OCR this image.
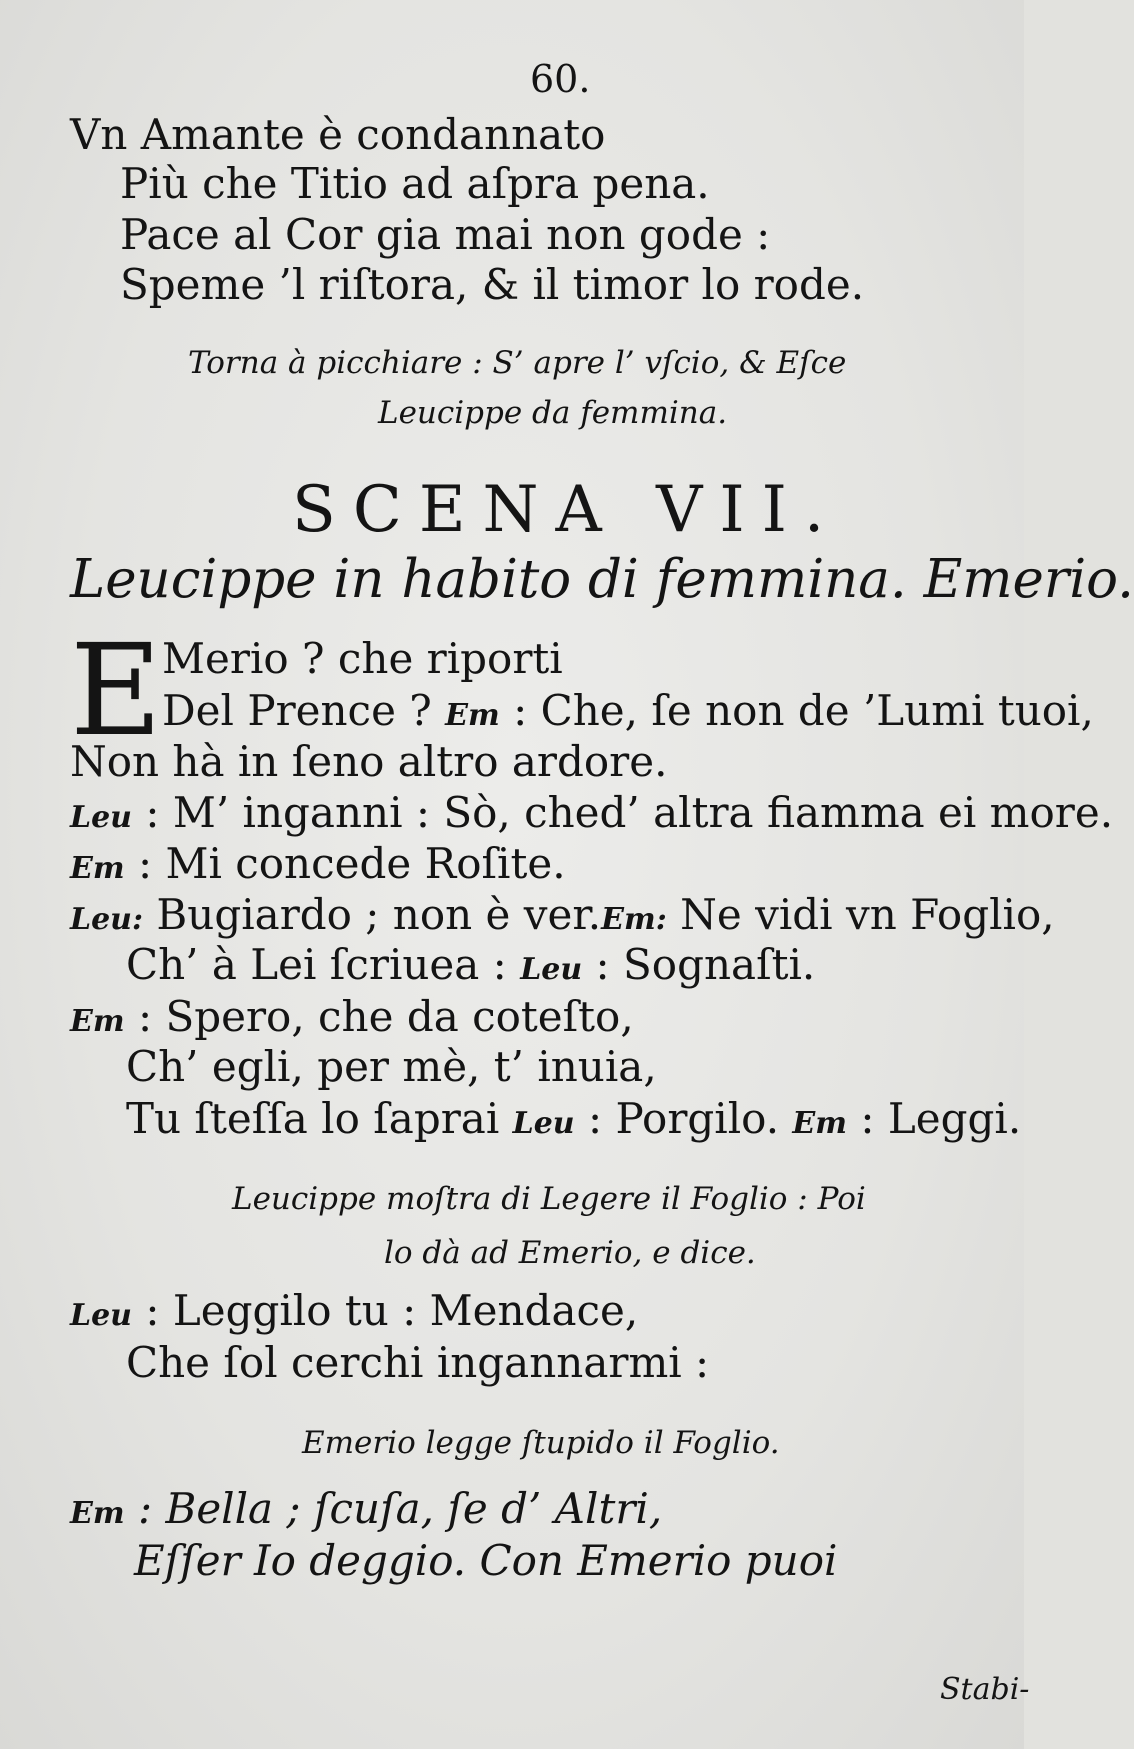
60.
Vn Amante è condannato
Più che Titio ad aſpra pena.
Pace al Cor gia mai non gode :
Speme ’l riſtora, & il timor lo rode.
Torna à picchiare : S’ apre l’ vſcio, & Eſce
Leucippe da femmina.
SCENA VII.
Leucippe in habito di femmina. Emerio.
E Merio ? che riporti
Del Prence ? Em : Che, ſe non de ’Lumi tuoi,
Non hà in ſeno altro ardore.
Leu : M’ inganni : Sò, ched’ altra fiamma ei more.
Em : Mi concede Roſite.
Leu: Bugiardo ; non è ver.Em: Ne vidi vn Foglio,
Ch’ à Lei ſcriuea : Leu : Sognaſti.
Em : Spero, che da coteſto,
Ch’ egli, per mè, t’ inuia,
Tu ſteſſa lo ſaprai Leu : Porgilo. Em : Leggi.
Leucippe moſtra di Legere il Foglio : Poi
lo dà ad Emerio, e dice.
Leu : Leggilo tu : Mendace,
Che ſol cerchi ingannarmi :
Emerio legge ſtupido il Foglio.
Em : Bella ; ſcuſa, ſe d’ Altri,
Eſſer Io deggio. Con Emerio puoi
Stabi-
